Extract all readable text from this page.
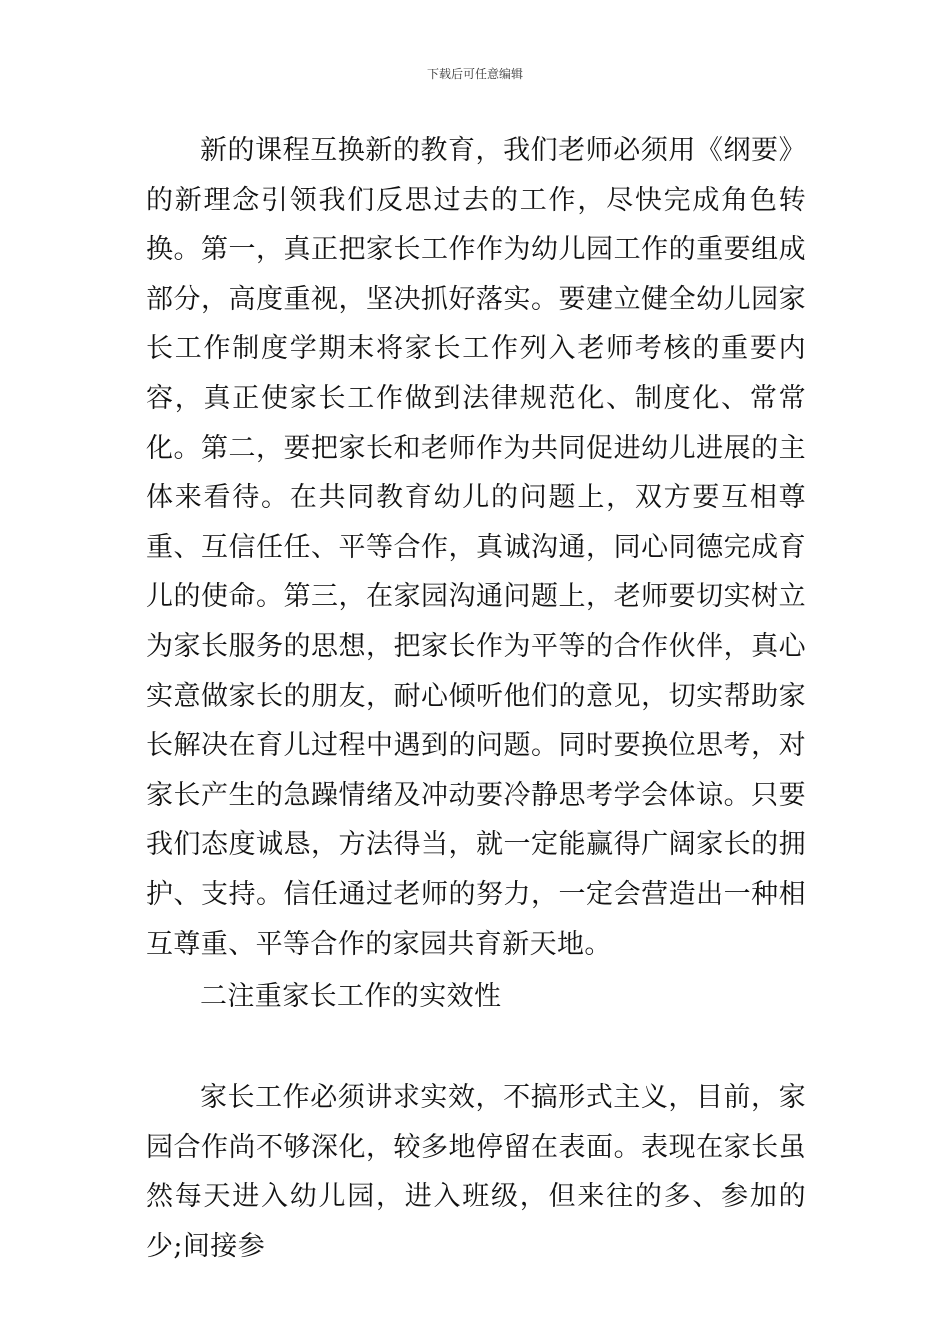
下载后可任意编辑

新的课程互换新的教育，我们老师必须用《纲要》的新理念引领我们反思过去的工作，尽快完成角色转换。第一，真正把家长工作作为幼儿园工作的重要组成部分，高度重视，坚决抓好落实。要建立健全幼儿园家长工作制度学期末将家长工作列入老师考核的重要内容，真正使家长工作做到法律规范化、制度化、常常化。第二，要把家长和老师作为共同促进幼儿进展的主体来看待。在共同教育幼儿的问题上，双方要互相尊重、互信任任、平等合作，真诚沟通，同心同德完成育儿的使命。第三，在家园沟通问题上，老师要切实树立为家长服务的思想，把家长作为平等的合作伙伴，真心实意做家长的朋友，耐心倾听他们的意见，切实帮助家长解决在育儿过程中遇到的问题。同时要换位思考，对家长产生的急躁情绪及冲动要冷静思考学会体谅。只要我们态度诚恳，方法得当，就一定能赢得广阔家长的拥护、支持。信任通过老师的努力，一定会营造出一种相互尊重、平等合作的家园共育新天地。

二注重家长工作的实效性

家长工作必须讲求实效，不搞形式主义，目前，家园合作尚不够深化，较多地停留在表面。表现在家长虽然每天进入幼儿园，进入班级，但来往的多、参加的少;间接参
